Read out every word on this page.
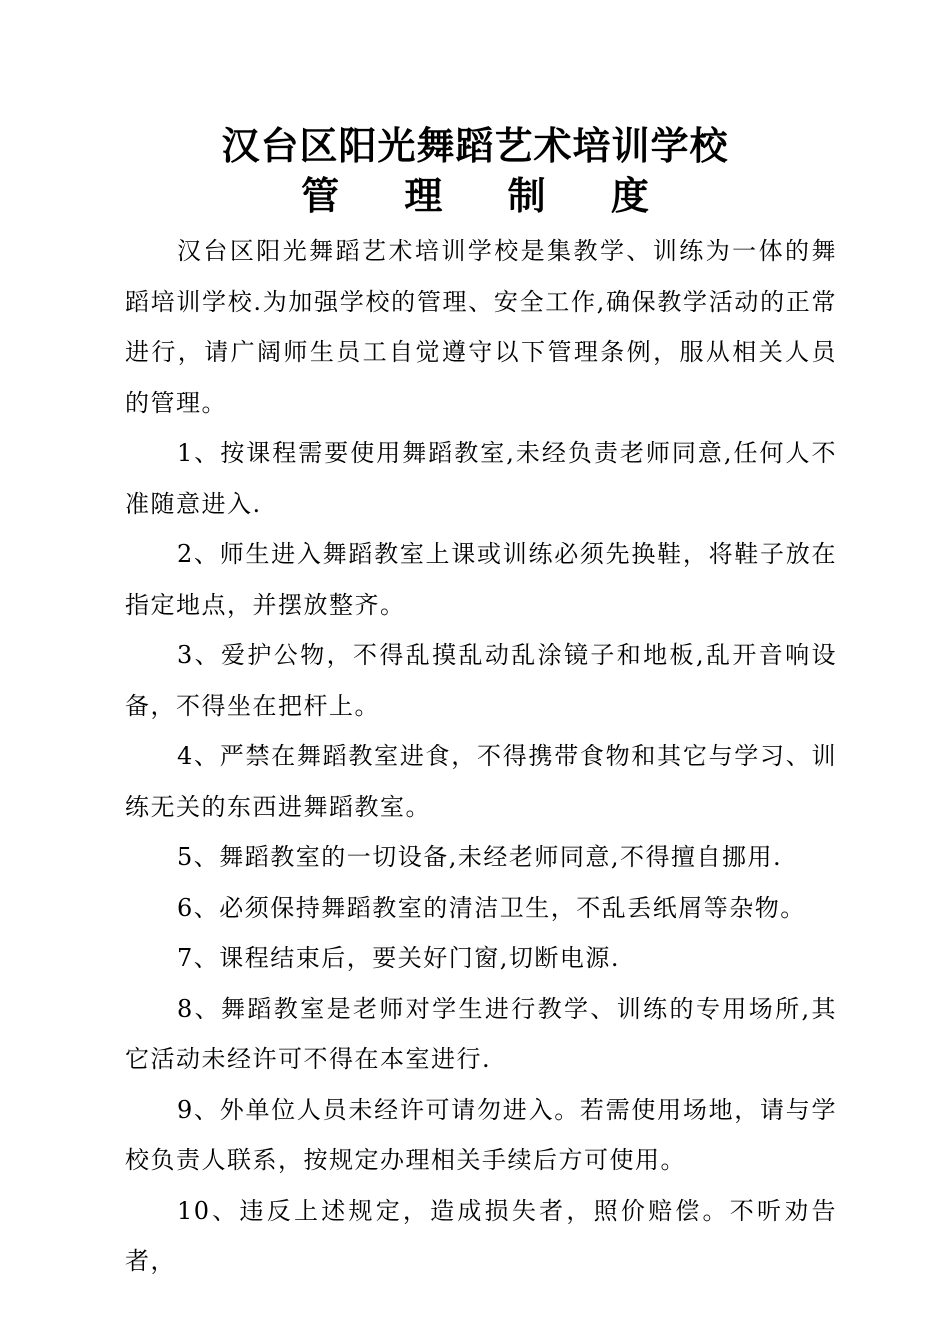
汉台区阳光舞蹈艺术培训学校
管 理 制 度

汉台区阳光舞蹈艺术培训学校是集教学、训练为一体的舞蹈培训学校.为加强学校的管理、安全工作,确保教学活动的正常进行，请广阔师生员工自觉遵守以下管理条例，服从相关人员的管理。

1、按课程需要使用舞蹈教室,未经负责老师同意,任何人不准随意进入.

2、师生进入舞蹈教室上课或训练必须先换鞋，将鞋子放在指定地点，并摆放整齐。

3、爱护公物，不得乱摸乱动乱涂镜子和地板,乱开音响设备，不得坐在把杆上。

4、严禁在舞蹈教室进食，不得携带食物和其它与学习、训练无关的东西进舞蹈教室。

5、舞蹈教室的一切设备,未经老师同意,不得擅自挪用.

6、必须保持舞蹈教室的清洁卫生，不乱丢纸屑等杂物。

7、课程结束后，要关好门窗,切断电源.

8、舞蹈教室是老师对学生进行教学、训练的专用场所,其它活动未经许可不得在本室进行.

9、外单位人员未经许可请勿进入。若需使用场地，请与学校负责人联系，按规定办理相关手续后方可使用。

10、违反上述规定，造成损失者，照价赔偿。不听劝告者，
